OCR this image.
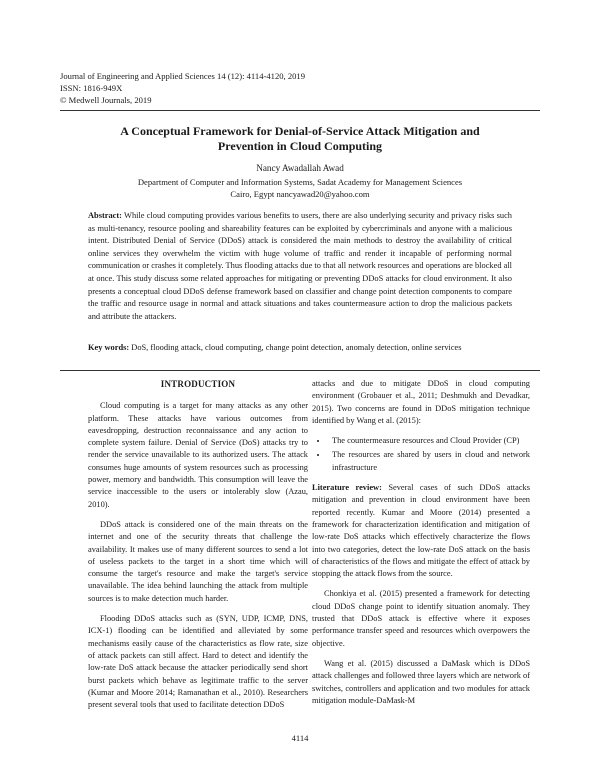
Journal of Engineering and Applied Sciences 14 (12): 4114-4120, 2019
ISSN: 1816-949X
© Medwell Journals, 2019
A Conceptual Framework for Denial-of-Service Attack Mitigation and
Prevention in Cloud Computing
Nancy Awadallah Awad
Department of Computer and Information Systems, Sadat Academy for Management Sciences
Cairo, Egypt nancyawad20@yahoo.com
Abstract: While cloud computing provides various benefits to users, there are also underlying security and privacy risks such as multi-tenancy, resource pooling and shareability features can be exploited by cybercriminals and anyone with a malicious intent. Distributed Denial of Service (DDoS) attack is considered the main methods to destroy the availability of critical online services they overwhelm the victim with huge volume of traffic and render it incapable of performing normal communication or crashes it completely. Thus flooding attacks due to that all network resources and operations are blocked all at once. This study discuss some related approaches for mitigating or preventing DDoS attacks for cloud environment. It also presents a conceptual cloud DDoS defense framework based on classifier and change point detection components to compare the traffic and resource usage in normal and attack situations and takes countermeasure action to drop the malicious packets and attribute the attackers.
Key words: DoS, flooding attack, cloud computing, change point detection, anomaly detection, online services
INTRODUCTION

Cloud computing is a target for many attacks as any other platform. These attacks have various outcomes from eavesdropping, destruction reconnaissance and any action to complete system failure. Denial of Service (DoS) attacks try to render the service unavailable to its authorized users. The attack consumes huge amounts of system resources such as processing power, memory and bandwidth. This consumption will leave the service inaccessible to the users or intolerably slow (Azau, 2010).

DDoS attack is considered one of the main threats on the internet and one of the security threats that challenge the availability. It makes use of many different sources to send a lot of useless packets to the target in a short time which will consume the target's resource and make the target's service unavailable. The idea behind launching the attack from multiple sources is to make detection much harder.

Flooding DDoS attacks such as (SYN, UDP, ICMP, DNS, ICX-1) flooding can be identified and alleviated by some mechanisms easily cause of the characteristics as flow rate, size of attack packets can still affect. Hard to detect and identify the low-rate DoS attack because the attacker periodically send short burst packets which behave as legitimate traffic to the server (Kumar and Moore 2014; Ramanathan et al., 2010). Researchers present several tools that used to facilitate detection DDoS

attacks and due to mitigate DDoS in cloud computing environment (Grobauer et al., 2011; Deshmukh and Devadkar, 2015). Two concerns are found in DDoS mitigation technique identified by Wang et al. (2015):

• The countermeasure resources and Cloud Provider (CP)
• The resources are shared by users in cloud and network infrastructure

Literature review: Several cases of such DDoS attacks mitigation and prevention in cloud environment have been reported recently. Kumar and Moore (2014) presented a framework for characterization identification and mitigation of low-rate DoS attacks which effectively characterize the flows into two categories, detect the low-rate DoS attack on the basis of characteristics of the flows and mitigate the effect of attack by stopping the attack flows from the source.

Chonkiya et al. (2015) presented a framework for detecting cloud DDoS change point to identify situation anomaly. They trusted that DDoS attack is effective where it exposes performance transfer speed and resources which overpowers the objective.

Wang et al. (2015) discussed a DaMask which is DDoS attack challenges and followed three layers which are network of switches, controllers and application and two modules for attack mitigation module-DaMask-M

4114
